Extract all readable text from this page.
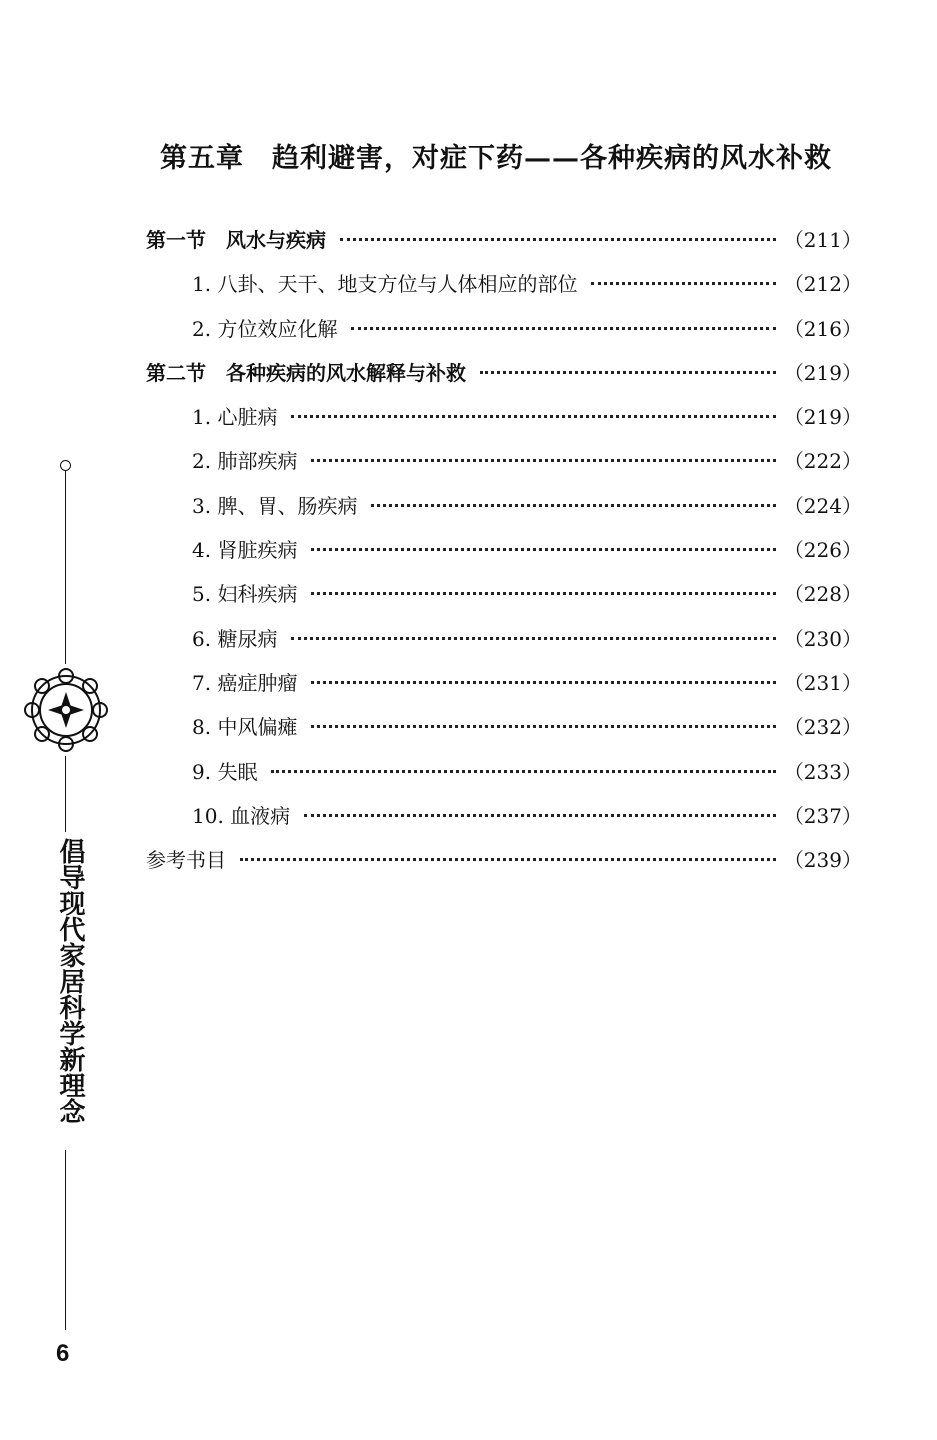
第五章　趋利避害，对症下药——各种疾病的风水补救
第一节　风水与疾病	（211）
1. 八卦、天干、地支方位与人体相应的部位	（212）
2. 方位效应化解	（216）
第二节　各种疾病的风水解释与补救	（219）
1. 心脏病	（219）
2. 肺部疾病	（222）
3. 脾、胃、肠疾病	（224）
4. 肾脏疾病	（226）
5. 妇科疾病	（228）
6. 糖尿病	（230）
7. 癌症肿瘤	（231）
8. 中风偏瘫	（232）
9. 失眠	（233）
10. 血液病	（237）
参考书目	（239）
倡导现代家居科学新理念
6
